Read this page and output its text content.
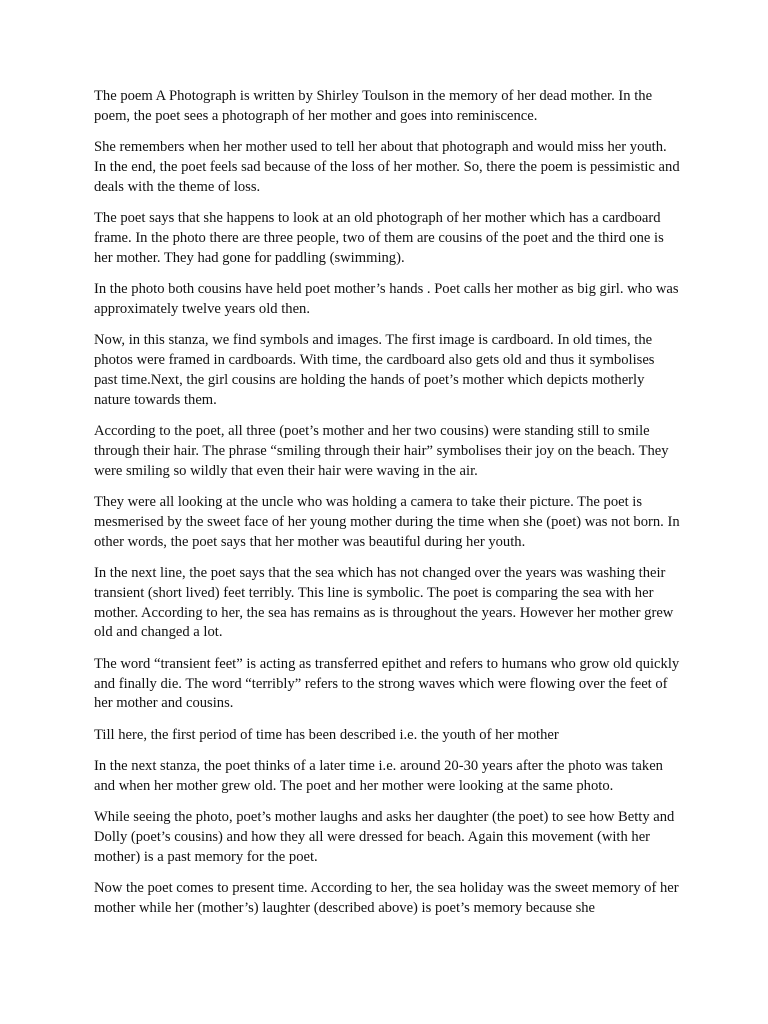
The poem A Photograph is written by Shirley Toulson in the memory of her dead mother. In the poem, the poet sees a photograph of her mother and goes into reminiscence.

She remembers when her mother used to tell her about that photograph and would miss her youth. In the end, the poet feels sad because of the loss of her mother. So, there the poem is pessimistic and deals with the theme of loss.

The poet says that she happens to look at an old photograph of her mother which has a cardboard frame. In the photo there are three people, two of them are cousins of the poet and the third one is her mother. They had gone for paddling (swimming).

In the photo both cousins have held poet mother’s hands . Poet calls her mother as big girl. who was approximately twelve years old then.

Now, in this stanza, we find symbols and images. The first image is cardboard. In old times, the photos were framed in cardboards. With time, the cardboard also gets old and thus it symbolises past time.Next, the girl cousins are holding the hands of poet’s mother which depicts motherly nature towards them.

According to the poet, all three (poet’s mother and her two cousins) were standing still to smile through their hair. The phrase “smiling through their hair” symbolises their joy on the beach. They were smiling so wildly that even their hair were waving in the air.

They were all looking at the uncle who was holding a camera to take their picture. The poet is mesmerised by the sweet face of her young mother during the time when she (poet) was not born. In other words, the poet says that her mother was beautiful during her youth.

In the next line, the poet says that the sea which has not changed over the years was washing their transient (short lived) feet terribly. This line is symbolic. The poet is comparing the sea with her mother. According to her, the sea has remains as is throughout the years. However her mother grew old and changed a lot.

The word “transient feet” is acting as transferred epithet and refers to humans who grow old quickly and finally die. The word “terribly” refers to the strong waves which were flowing over the feet of her mother and cousins.

Till here, the first period of time has been described i.e. the youth of her mother

In the next stanza, the poet thinks of a later time i.e. around 20-30 years after the photo was taken and when her mother grew old. The poet and her mother were looking at the same photo.

While seeing the photo, poet’s mother laughs and asks her daughter (the poet) to see how Betty and Dolly (poet’s cousins) and how they all were dressed for beach. Again this movement (with her mother) is a past memory for the poet.

Now the poet comes to present time. According to her, the sea holiday was the sweet memory of her mother while her (mother’s) laughter (described above) is poet’s memory because she
